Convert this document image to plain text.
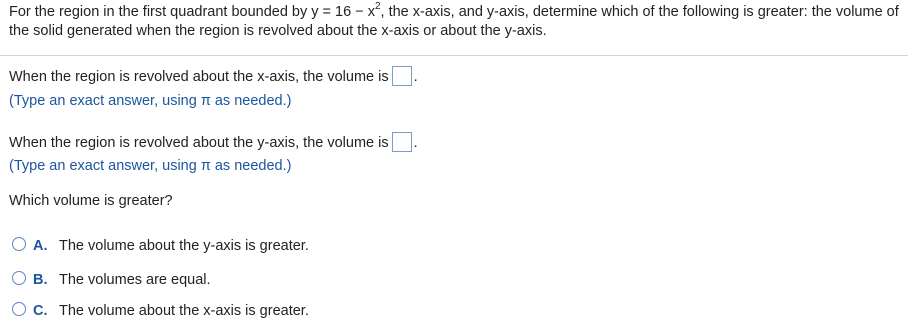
For the region in the first quadrant bounded by $y = 16 - x^2$, the x-axis, and y-axis, determine which of the following is greater: the volume of the solid generated when the region is revolved about the x-axis or about the y-axis.
When the region is revolved about the x-axis, the volume is .
(Type an exact answer, using π as needed.)
When the region is revolved about the y-axis, the volume is .
(Type an exact answer, using π as needed.)
Which volume is greater?
A. The volume about the y-axis is greater.
B. The volumes are equal.
C. The volume about the x-axis is greater.
